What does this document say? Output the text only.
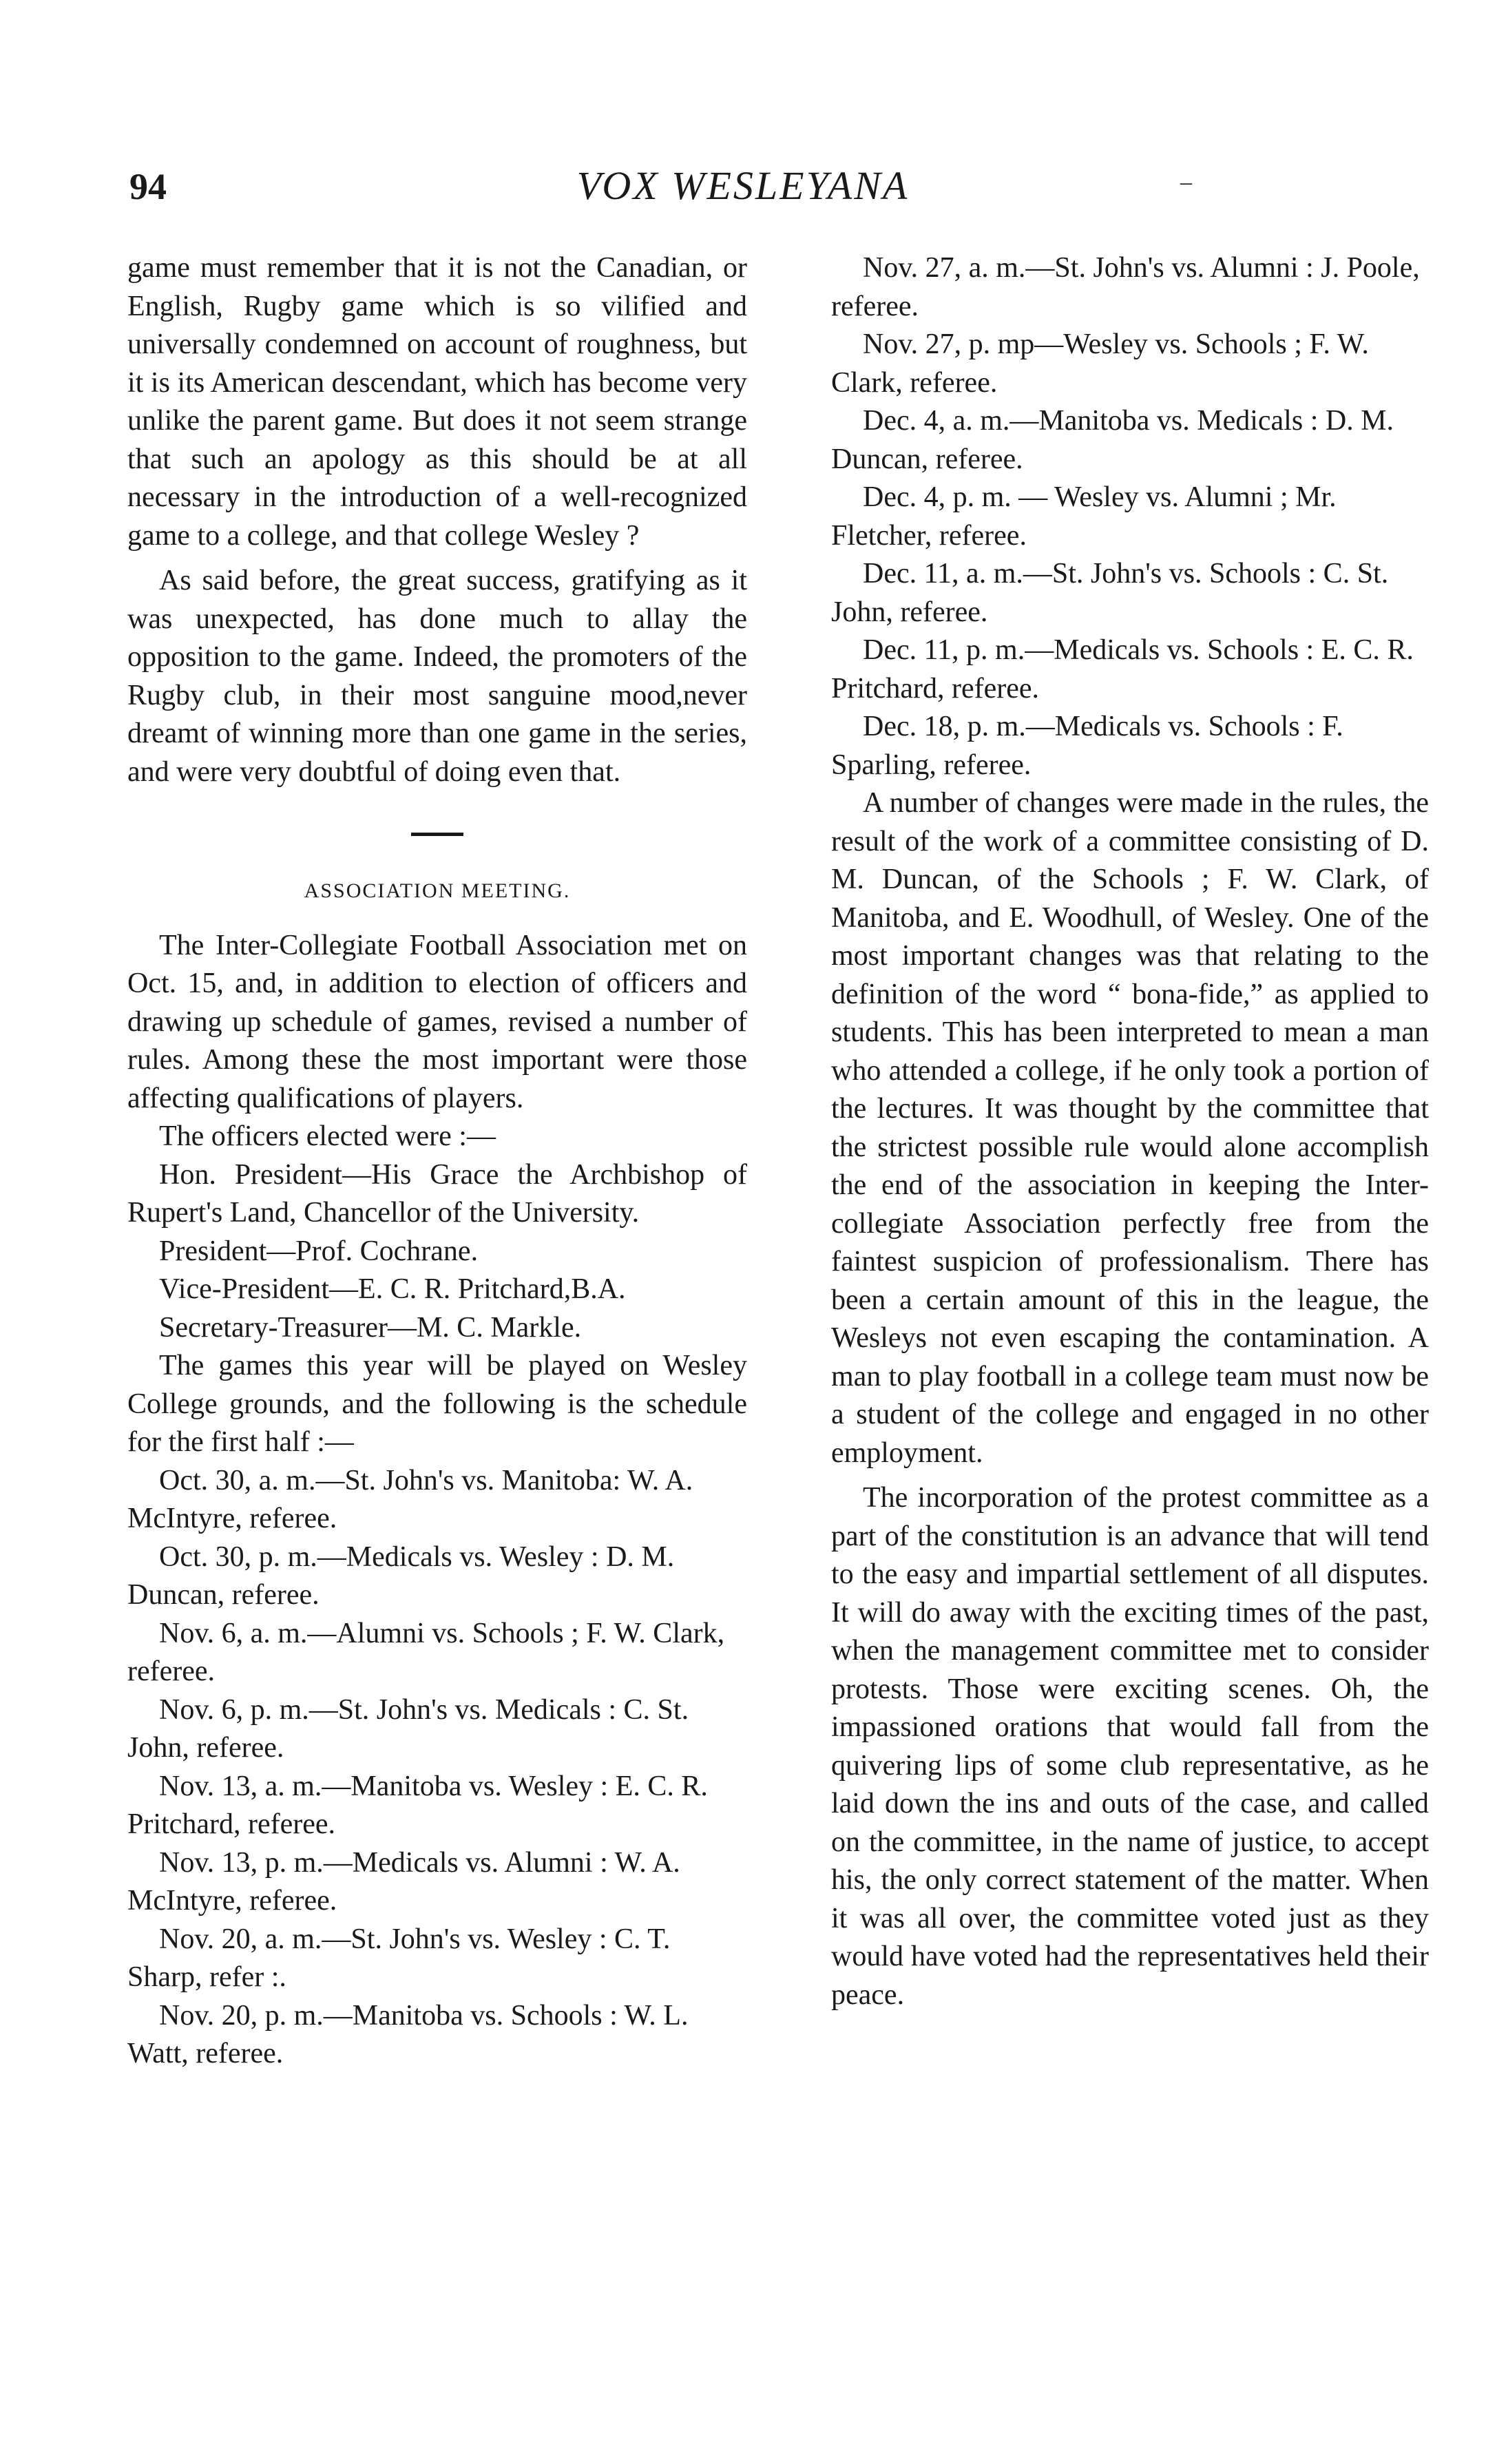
94	VOX WESLEYANA	–

game must remember that it is not the Canadian, or English, Rugby game which is so vilified and universally condemned on account of roughness, but it is its American descendant, which has become very unlike the parent game. But does it not seem strange that such an apology as this should be at all necessary in the introduction of a well-recognized game to a college, and that college Wesley ?

As said before, the great success, gratifying as it was unexpected, has done much to allay the opposition to the game. Indeed, the promoters of the Rugby club, in their most sanguine mood,never dreamt of winning more than one game in the series, and were very doubtful of doing even that.

ASSOCIATION MEETING.

The Inter-Collegiate Football Association met on Oct. 15, and, in addition to election of officers and drawing up schedule of games, revised a number of rules. Among these the most important were those affecting qualifications of players.

The officers elected were :—

Hon. President—His Grace the Archbishop of Rupert's Land, Chancellor of the University.

President—Prof. Cochrane.

Vice-President—E. C. R. Pritchard,B.A.

Secretary-Treasurer—M. C. Markle.

The games this year will be played on Wesley College grounds, and the following is the schedule for the first half :—

Oct. 30, a. m.—St. John's vs. Manitoba: W. A. McIntyre, referee.

Oct. 30, p. m.—Medicals vs. Wesley : D. M. Duncan, referee.

Nov. 6, a. m.—Alumni vs. Schools ; F. W. Clark, referee.

Nov. 6, p. m.—St. John's vs. Medicals : C. St. John, referee.

Nov. 13, a. m.—Manitoba vs. Wesley : E. C. R. Pritchard, referee.

Nov. 13, p. m.—Medicals vs. Alumni : W. A. McIntyre, referee.

Nov. 20, a. m.—St. John's vs. Wesley : C. T. Sharp, refer :.

Nov. 20, p. m.—Manitoba vs. Schools : W. L. Watt, referee.

Nov. 27, a. m.—St. John's vs. Alumni : J. Poole, referee.

Nov. 27, p. mp—Wesley vs. Schools ; F. W. Clark, referee.

Dec. 4, a. m.—Manitoba vs. Medicals : D. M. Duncan, referee.

Dec. 4, p. m. — Wesley vs. Alumni ; Mr. Fletcher, referee.

Dec. 11, a. m.—St. John's vs. Schools : C. St. John, referee.

Dec. 11, p. m.—Medicals vs. Schools : E. C. R. Pritchard, referee.

Dec. 18, p. m.—Medicals vs. Schools : F. Sparling, referee.

A number of changes were made in the rules, the result of the work of a committee consisting of D. M. Duncan, of the Schools ; F. W. Clark, of Manitoba, and E. Woodhull, of Wesley. One of the most important changes was that relating to the definition of the word “ bona-fide,” as applied to students. This has been interpreted to mean a man who attended a college, if he only took a portion of the lectures. It was thought by the committee that the strictest possible rule would alone accomplish the end of the association in keeping the Inter-collegiate Association perfectly free from the faintest suspicion of professionalism. There has been a certain amount of this in the league, the Wesleys not even escaping the contamination. A man to play football in a college team must now be a student of the college and engaged in no other employment.

The incorporation of the protest committee as a part of the constitution is an advance that will tend to the easy and impartial settlement of all disputes. It will do away with the exciting times of the past, when the management committee met to consider protests. Those were exciting scenes. Oh, the impassioned orations that would fall from the quivering lips of some club representative, as he laid down the ins and outs of the case, and called on the committee, in the name of justice, to accept his, the only correct statement of the matter. When it was all over, the committee voted just as they would have voted had the representatives held their peace.
